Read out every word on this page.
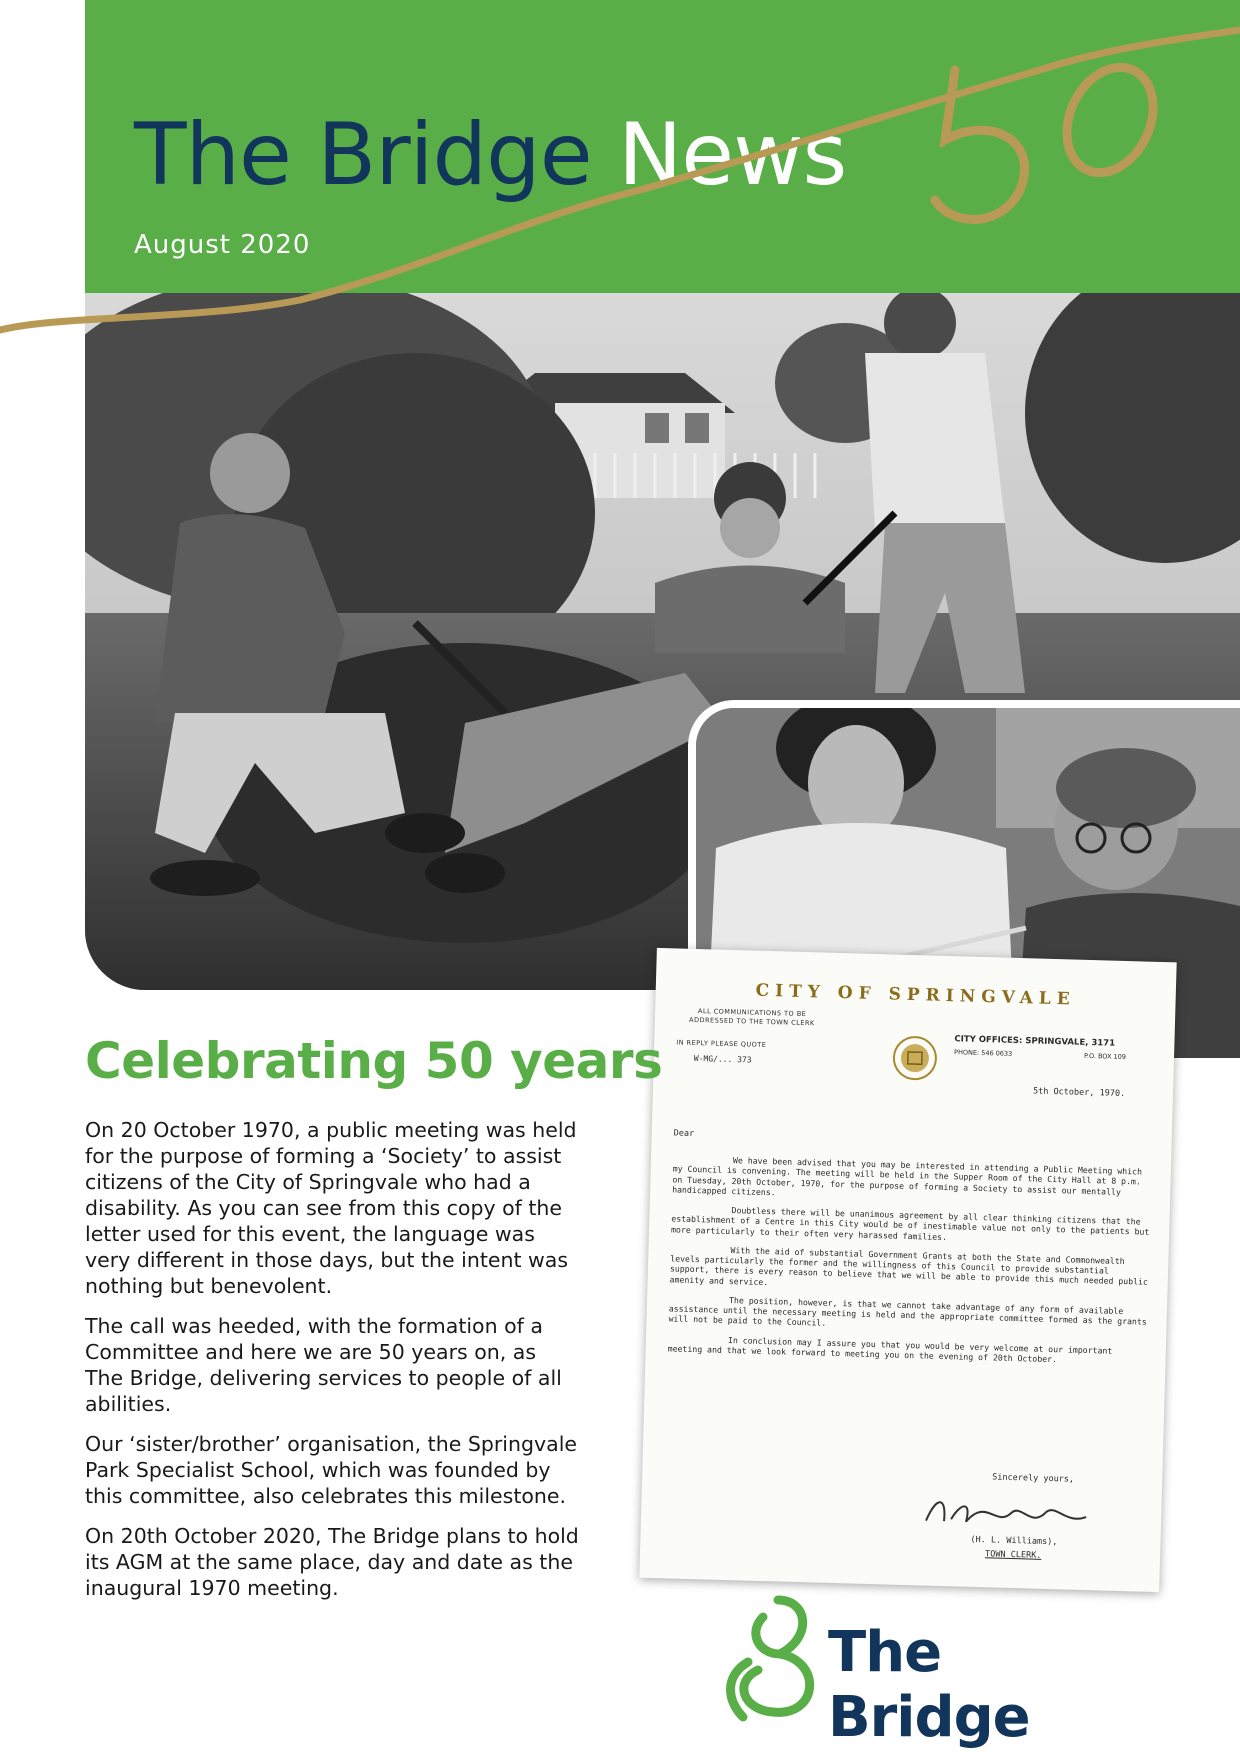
The Bridge News
August 2020
CITY OF SPRINGVALE
ALL COMMUNICATIONS TO BE ADDRESSED TO THE TOWN CLERK
IN REPLY PLEASE QUOTE
W-MG/... 373
CITY OFFICES: SPRINGVALE, 3171
PHONE: 546 0633	P.O. BOX 109
5th October, 1970.
Dear

We have been advised that you may be interested in attending a Public Meeting which my Council is convening. The meeting will be held in the Supper Room of the City Hall at 8 p.m. on Tuesday, 20th October, 1970, for the purpose of forming a Society to assist our mentally handicapped citizens.

Doubtless there will be unanimous agreement by all clear thinking citizens that the establishment of a Centre in this City would be of inestimable value not only to the patients but more particularly to their often very harassed families.

With the aid of substantial Government Grants at both the State and Commonwealth levels particularly the former and the willingness of this Council to provide substantial support, there is every reason to believe that we will be able to provide this much needed public amenity and service.

The position, however, is that we cannot take advantage of any form of available assistance until the necessary meeting is held and the appropriate committee formed as the grants will not be paid to the Council.

In conclusion may I assure you that you would be very welcome at our important meeting and that we look forward to meeting you on the evening of 20th October.

Sincerely yours,
(H. L. Williams),
TOWN CLERK.
Celebrating 50 years

On 20 October 1970, a public meeting was held for the purpose of forming a ‘Society’ to assist citizens of the City of Springvale who had a disability. As you can see from this copy of the letter used for this event, the language was very different in those days, but the intent was nothing but benevolent.

The call was heeded, with the formation of a Committee and here we are 50 years on, as The Bridge, delivering services to people of all abilities.

Our ‘sister/brother’ organisation, the Springvale Park Specialist School, which was founded by this committee, also celebrates this milestone.

On 20th October 2020, The Bridge plans to hold its AGM at the same place, day and date as the inaugural 1970 meeting.

The Bridge
